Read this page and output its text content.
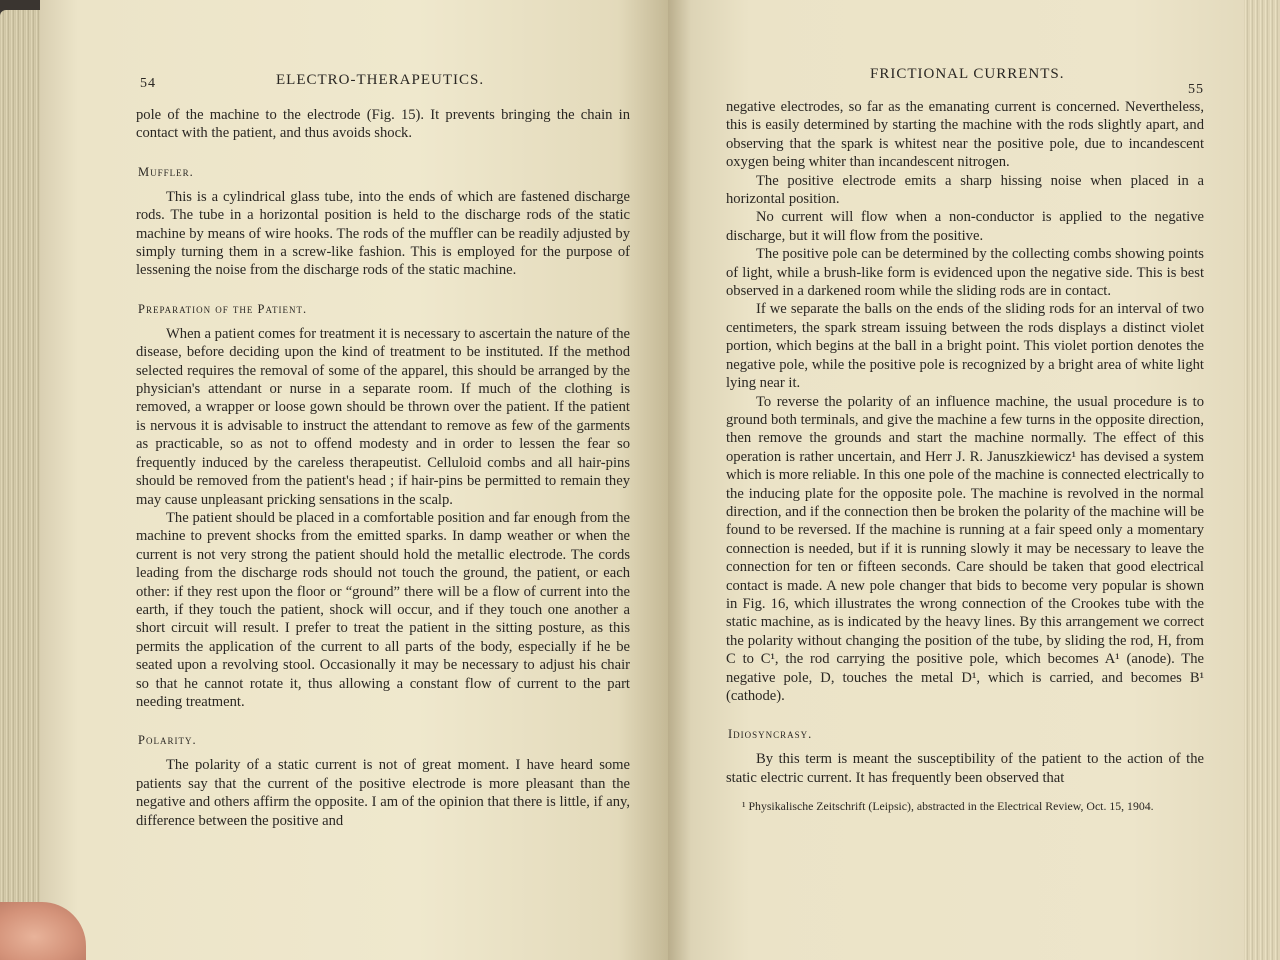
54	ELECTRO-THERAPEUTICS.

pole of the machine to the electrode (Fig. 15). It prevents bringing the chain in contact with the patient, and thus avoids shock.

Muffler.

This is a cylindrical glass tube, into the ends of which are fastened discharge rods. The tube in a horizontal position is held to the discharge rods of the static machine by means of wire hooks. The rods of the muffler can be readily adjusted by simply turning them in a screw-like fashion. This is employed for the purpose of lessening the noise from the discharge rods of the static machine.

Preparation of the Patient.

When a patient comes for treatment it is necessary to ascertain the nature of the disease, before deciding upon the kind of treatment to be instituted. If the method selected requires the removal of some of the apparel, this should be arranged by the physician's attendant or nurse in a separate room. If much of the clothing is removed, a wrapper or loose gown should be thrown over the patient. If the patient is nervous it is advisable to instruct the attendant to remove as few of the garments as practicable, so as not to offend modesty and in order to lessen the fear so frequently induced by the careless therapeutist. Celluloid combs and all hair-pins should be removed from the patient's head ; if hair-pins be permitted to remain they may cause unpleasant pricking sensations in the scalp.

The patient should be placed in a comfortable position and far enough from the machine to prevent shocks from the emitted sparks. In damp weather or when the current is not very strong the patient should hold the metallic electrode. The cords leading from the discharge rods should not touch the ground, the patient, or each other: if they rest upon the floor or “ground” there will be a flow of current into the earth, if they touch the patient, shock will occur, and if they touch one another a short circuit will result. I prefer to treat the patient in the sitting posture, as this permits the application of the current to all parts of the body, especially if he be seated upon a revolving stool. Occasionally it may be necessary to adjust his chair so that he cannot rotate it, thus allowing a constant flow of current to the part needing treatment.

Polarity.

The polarity of a static current is not of great moment. I have heard some patients say that the current of the positive electrode is more pleasant than the negative and others affirm the opposite. I am of the opinion that there is little, if any, difference between the positive and

FRICTIONAL CURRENTS.
55

negative electrodes, so far as the emanating current is concerned. Nevertheless, this is easily determined by starting the machine with the rods slightly apart, and observing that the spark is whitest near the positive pole, due to incandescent oxygen being whiter than incandescent nitrogen.

The positive electrode emits a sharp hissing noise when placed in a horizontal position.

No current will flow when a non-conductor is applied to the negative discharge, but it will flow from the positive.

The positive pole can be determined by the collecting combs showing points of light, while a brush-like form is evidenced upon the negative side. This is best observed in a darkened room while the sliding rods are in contact.

If we separate the balls on the ends of the sliding rods for an interval of two centimeters, the spark stream issuing between the rods displays a distinct violet portion, which begins at the ball in a bright point. This violet portion denotes the negative pole, while the positive pole is recognized by a bright area of white light lying near it.

To reverse the polarity of an influence machine, the usual procedure is to ground both terminals, and give the machine a few turns in the opposite direction, then remove the grounds and start the machine normally. The effect of this operation is rather uncertain, and Herr J. R. Januszkiewicz¹ has devised a system which is more reliable. In this one pole of the machine is connected electrically to the inducing plate for the opposite pole. The machine is revolved in the normal direction, and if the connection then be broken the polarity of the machine will be found to be reversed. If the machine is running at a fair speed only a momentary connection is needed, but if it is running slowly it may be necessary to leave the connection for ten or fifteen seconds. Care should be taken that good electrical contact is made. A new pole changer that bids to become very popular is shown in Fig. 16, which illustrates the wrong connection of the Crookes tube with the static machine, as is indicated by the heavy lines. By this arrangement we correct the polarity without changing the position of the tube, by sliding the rod, H, from C to C¹, the rod carrying the positive pole, which becomes A¹ (anode). The negative pole, D, touches the metal D¹, which is carried, and becomes B¹ (cathode).

Idiosyncrasy.

By this term is meant the susceptibility of the patient to the action of the static electric current. It has frequently been observed that

¹ Physikalische Zeitschrift (Leipsic), abstracted in the Electrical Review, Oct. 15, 1904.
